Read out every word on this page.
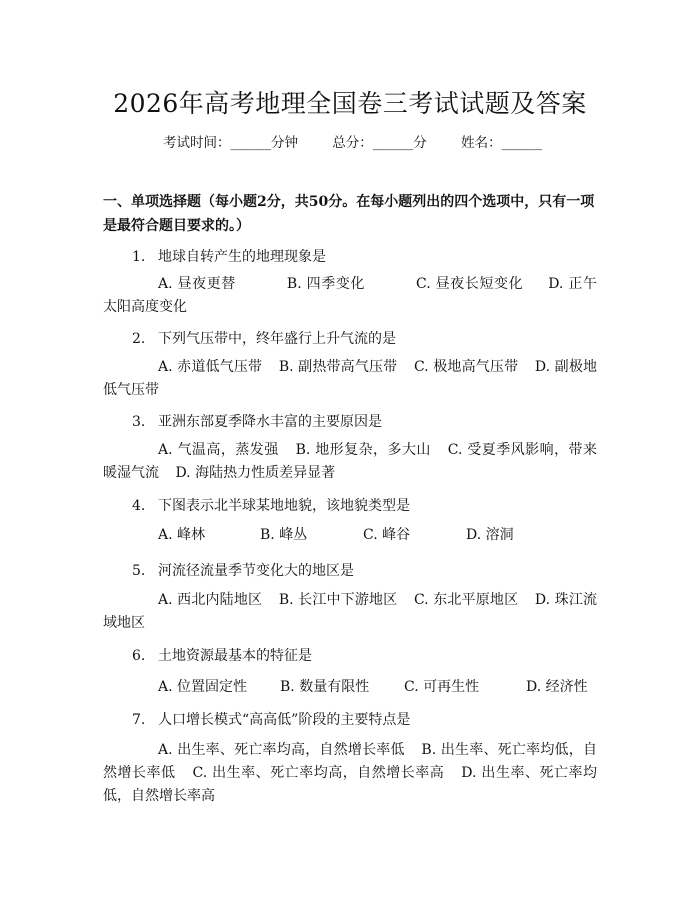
2026年高考地理全国卷三考试试题及答案
考试时间：______分钟	总分：______分	姓名：______
一、单项选择题（每小题2分，共50分。在每小题列出的四个选项中，只有一项是最符合题目要求的。）
1. 地球自转产生的地理现象是
A. 昼夜更替	B. 四季变化	C. 昼夜长短变化 D. 正午太阳高度变化
2. 下列气压带中，终年盛行上升气流的是
A. 赤道低气压带 B. 副热带高气压带 C. 极地高气压带 D. 副极地低气压带
3. 亚洲东部夏季降水丰富的主要原因是
A. 气温高，蒸发强 B. 地形复杂，多大山 C. 受夏季风影响，带来暖湿气流 D. 海陆热力性质差异显著
4. 下图表示北半球某地地貌，该地貌类型是
A. 峰林	B. 峰丛	C. 峰谷	D. 溶洞
5. 河流径流量季节变化大的地区是
A. 西北内陆地区 B. 长江中下游地区 C. 东北平原地区 D. 珠江流域地区
6. 土地资源最基本的特征是
A. 位置固定性 B. 数量有限性 C. 可再生性	D. 经济性
7. 人口增长模式“高高低”阶段的主要特点是
A. 出生率、死亡率均高，自然增长率低 B. 出生率、死亡率均低，自然增长率低 C. 出生率、死亡率均高，自然增长率高 D. 出生率、死亡率均低，自然增长率高
